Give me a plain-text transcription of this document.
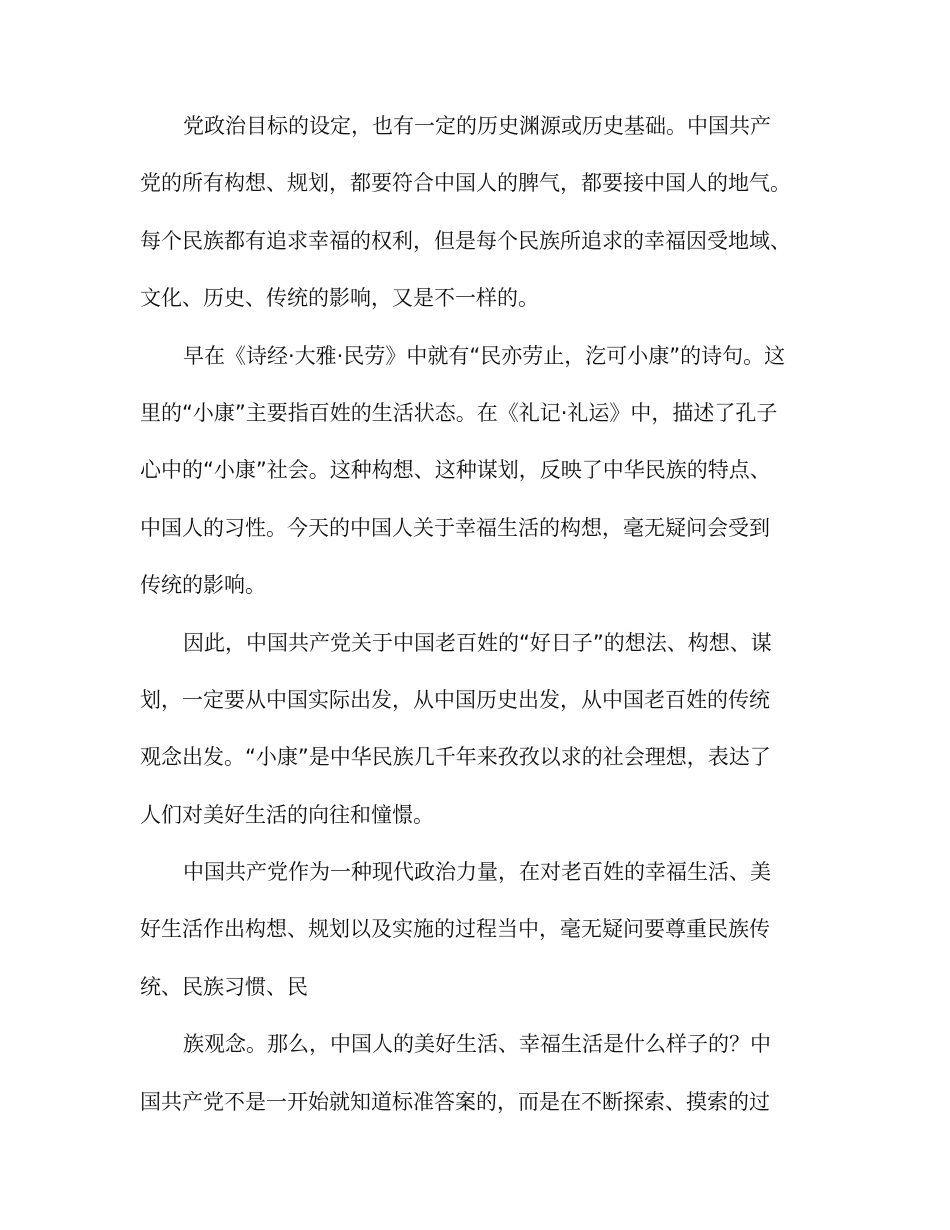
党政治目标的设定，也有一定的历史渊源或历史基础。中国共产
党的所有构想、规划，都要符合中国人的脾气，都要接中国人的地气。
每个民族都有追求幸福的权利，但是每个民族所追求的幸福因受地域、
文化、历史、传统的影响，又是不一样的。
早在《诗经·大雅·民劳》中就有“民亦劳止，汔可小康”的诗句。这
里的“小康”主要指百姓的生活状态。在《礼记·礼运》中，描述了孔子
心中的“小康”社会。这种构想、这种谋划，反映了中华民族的特点、
中国人的习性。今天的中国人关于幸福生活的构想，毫无疑问会受到
传统的影响。
因此，中国共产党关于中国老百姓的“好日子”的想法、构想、谋
划，一定要从中国实际出发，从中国历史出发，从中国老百姓的传统
观念出发。“小康”是中华民族几千年来孜孜以求的社会理想，表达了
人们对美好生活的向往和憧憬。
中国共产党作为一种现代政治力量，在对老百姓的幸福生活、美
好生活作出构想、规划以及实施的过程当中，毫无疑问要尊重民族传
统、民族习惯、民
族观念。那么，中国人的美好生活、幸福生活是什么样子的？中
国共产党不是一开始就知道标准答案的，而是在不断探索、摸索的过
